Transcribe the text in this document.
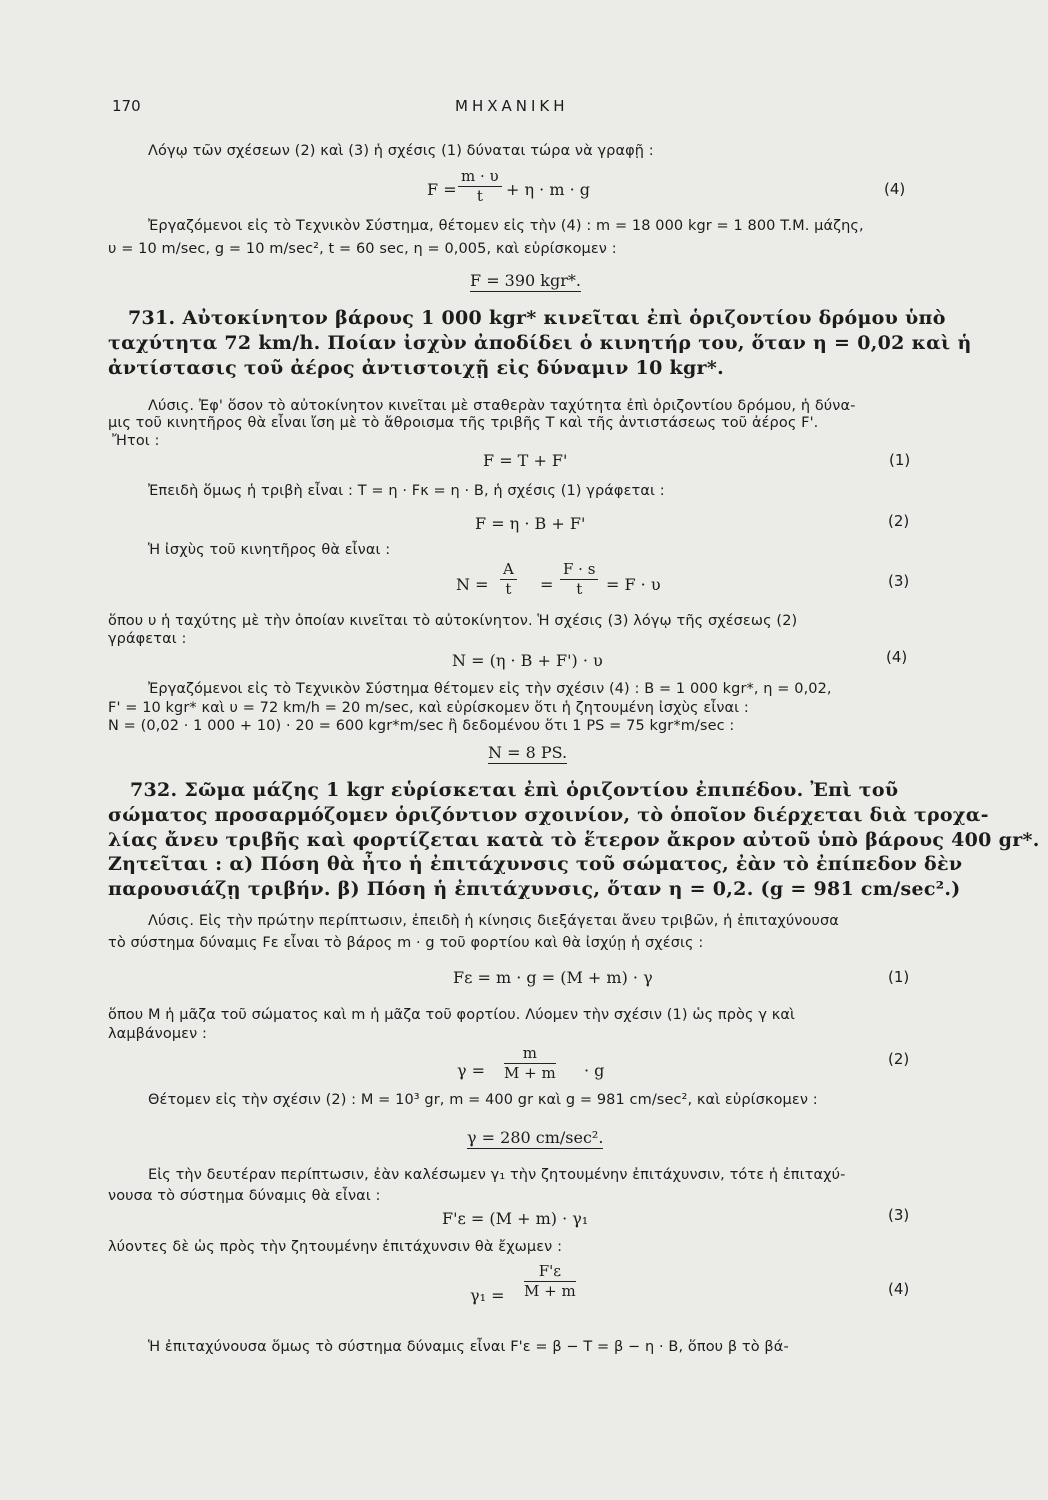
170	ΜΗΧΑΝΙΚΗ
Λόγῳ τῶν σχέσεων (2) καὶ (3) ἡ σχέσις (1) δύναται τώρα νὰ γραφῇ :
$F = \frac{m \cdot \upsilon}{t} + \eta \cdot m \cdot g$	(4)
Ἐργαζόμενοι εἰς τὸ Τεχνικὸν Σύστημα, θέτομεν εἰς τὴν (4) : m = 18 000 kgr = 1 800 T.M. μάζης,
υ = 10 m/sec, g = 10 m/sec², t = 60 sec, η = 0,005, καὶ εὑρίσκομεν :
F = 390 kgr*.
731. Αὐτοκίνητον βάρους 1 000 kgr* κινεῖται ἐπὶ ὁριζοντίου δρόμου ὑπὸ
ταχύτητα 72 km/h. Ποίαν ἰσχὺν ἀποδίδει ὁ κινητήρ του, ὅταν η = 0,02 καὶ ἡ
ἀντίστασις τοῦ ἀέρος ἀντιστοιχῇ εἰς δύναμιν 10 kgr*.
Λύσις. Ἐφ' ὅσον τὸ αὐτοκίνητον κινεῖται μὲ σταθερὰν ταχύτητα ἐπὶ ὁριζοντίου δρόμου, ἡ δύνα-
μις τοῦ κινητῆρος θὰ εἶναι ἴση μὲ τὸ ἄθροισμα τῆς τριβῆς T καὶ τῆς ἀντιστάσεως τοῦ ἀέρος F'.
Ἤτοι :
F = T + F'	(1)
Ἐπειδὴ ὅμως ἡ τριβὴ εἶναι : T = η · Fκ = η · B, ἡ σχέσις (1) γράφεται :
F = η · B + F'	(2)
Ἡ ἰσχὺς τοῦ κινητῆρος θὰ εἶναι :
$N = \frac{A}{t} = \frac{F \cdot s}{t} = F \cdot \upsilon$	(3)
ὅπου υ ἡ ταχύτης μὲ τὴν ὁποίαν κινεῖται τὸ αὐτοκίνητον. Ἡ σχέσις (3) λόγῳ τῆς σχέσεως (2)
γράφεται :
N = (η · B + F') · υ	(4)
Ἐργαζόμενοι εἰς τὸ Τεχνικὸν Σύστημα θέτομεν εἰς τὴν σχέσιν (4) : B = 1 000 kgr*, η = 0,02,
F' = 10 kgr* καὶ υ = 72 km/h = 20 m/sec, καὶ εὑρίσκομεν ὅτι ἡ ζητουμένη ἰσχὺς εἶναι :
N = (0,02 · 1 000 + 10) · 20 = 600 kgr*m/sec ἢ δεδομένου ὅτι 1 PS = 75 kgr*m/sec :
N = 8 PS.
732. Σῶμα μάζης 1 kgr εὑρίσκεται ἐπὶ ὁριζοντίου ἐπιπέδου. Ἐπὶ τοῦ
σώματος προσαρμόζομεν ὁριζόντιον σχοινίον, τὸ ὁποῖον διέρχεται διὰ τροχα-
λίας ἄνευ τριβῆς καὶ φορτίζεται κατὰ τὸ ἕτερον ἄκρον αὐτοῦ ὑπὸ βάρους 400 gr*.
Ζητεῖται : α) Πόση θὰ ἦτο ἡ ἐπιτάχυνσις τοῦ σώματος, ἐὰν τὸ ἐπίπεδον δὲν
παρουσιάζῃ τριβήν. β) Πόση ἡ ἐπιτάχυνσις, ὅταν η = 0,2. (g = 981 cm/sec².)
Λύσις. Εἰς τὴν πρώτην περίπτωσιν, ἐπειδὴ ἡ κίνησις διεξάγεται ἄνευ τριβῶν, ἡ ἐπιταχύνουσα
τὸ σύστημα δύναμις Fε εἶναι τὸ βάρος m · g τοῦ φορτίου καὶ θὰ ἰσχύῃ ἡ σχέσις :
Fε = m · g = (M + m) · γ	(1)
ὅπου M ἡ μᾶζα τοῦ σώματος καὶ m ἡ μᾶζα τοῦ φορτίου. Λύομεν τὴν σχέσιν (1) ὡς πρὸς γ καὶ
λαμβάνομεν :
$\gamma = \frac{m}{M + m} \cdot g$
(2)
Θέτομεν εἰς τὴν σχέσιν (2) : M = 10³ gr, m = 400 gr καὶ g = 981 cm/sec², καὶ εὑρίσκομεν :
γ = 280 cm/sec².
Εἰς τὴν δευτέραν περίπτωσιν, ἐὰν καλέσωμεν γ₁ τὴν ζητουμένην ἐπιτάχυνσιν, τότε ἡ ἐπιταχύ-
νουσα τὸ σύστημα δύναμις θὰ εἶναι :
F'ε = (M + m) · γ₁	(3)
λύοντες δὲ ὡς πρὸς τὴν ζητουμένην ἐπιτάχυνσιν θὰ ἔχωμεν :
$\gamma_1 = \frac{F'\varepsilon}{M + m}$	(4)
Ἡ ἐπιταχύνουσα ὅμως τὸ σύστημα δύναμις εἶναι F'ε = β − T = β − η · B, ὅπου β τὸ βά-
